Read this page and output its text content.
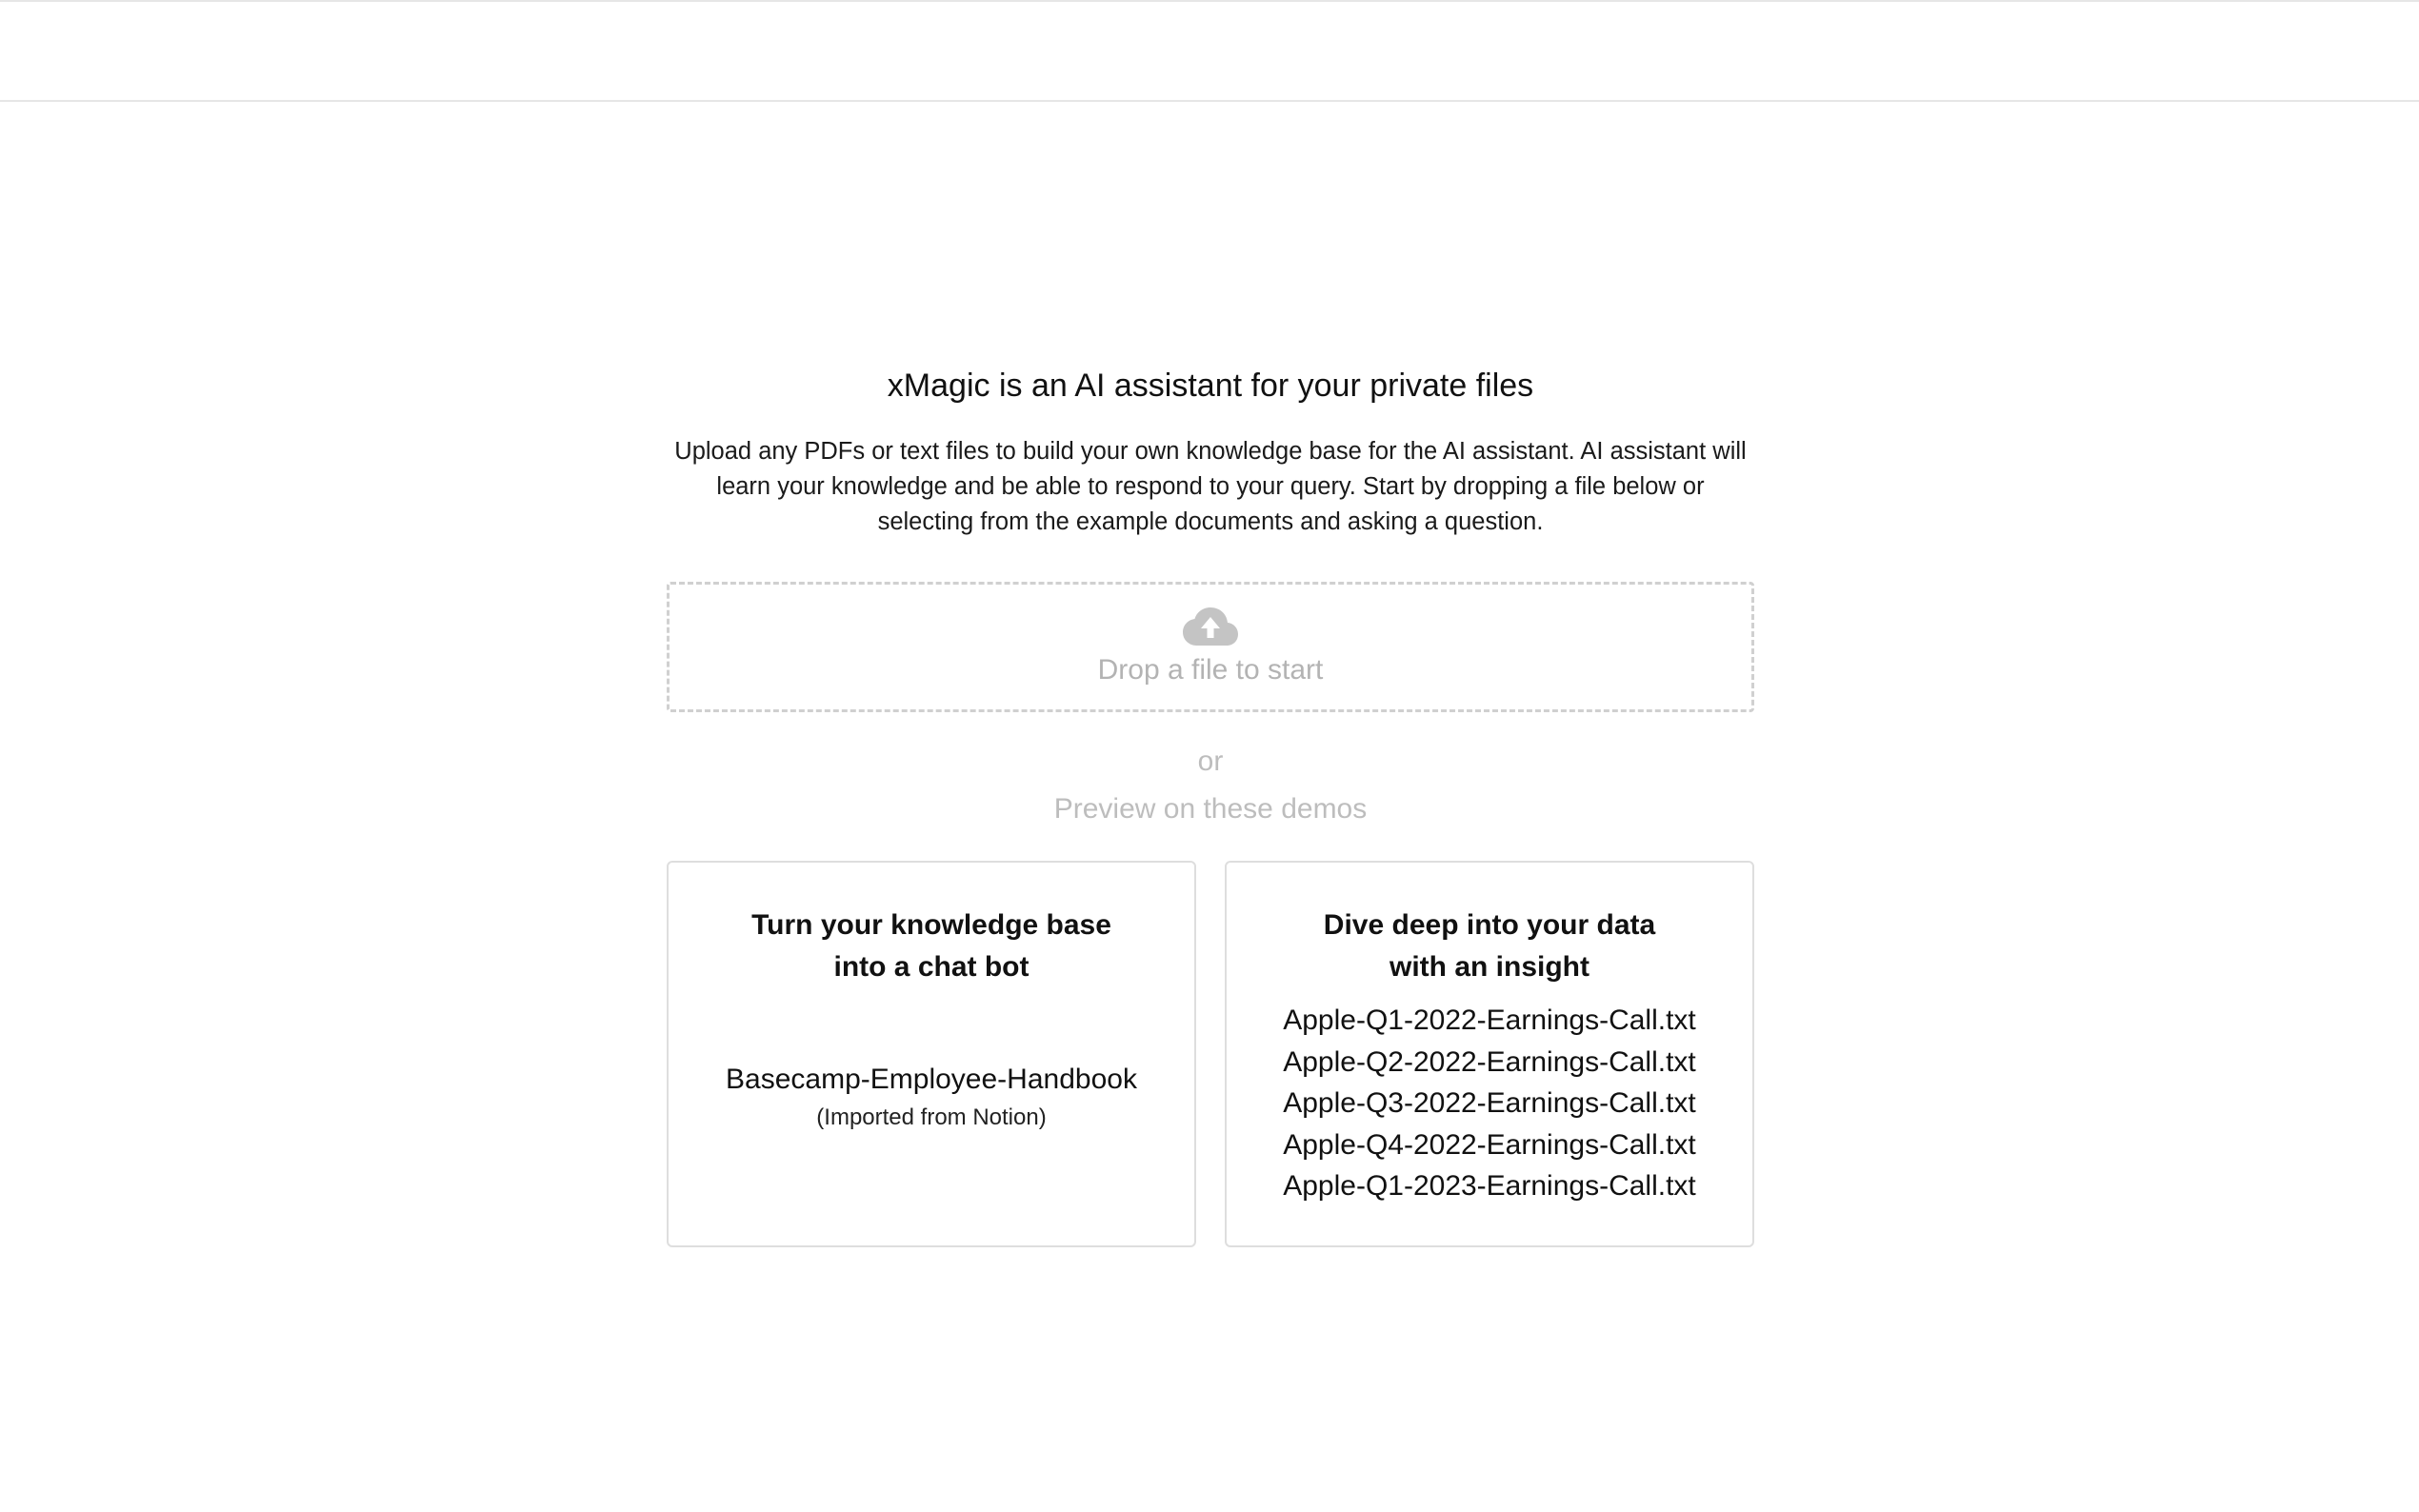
xMagic is an AI assistant for your private files

Upload any PDFs or text files to build your own knowledge base for the AI assistant. AI assistant will learn your knowledge and be able to respond to your query. Start by dropping a file below or selecting from the example documents and asking a question.

Drop a file to start
or
Preview on these demos
Turn your knowledge base
into a chat bot
Basecamp-Employee-Handbook
(Imported from Notion)
Dive deep into your data
with an insight
Apple-Q1-2022-Earnings-Call.txt
Apple-Q2-2022-Earnings-Call.txt
Apple-Q3-2022-Earnings-Call.txt
Apple-Q4-2022-Earnings-Call.txt
Apple-Q1-2023-Earnings-Call.txt
